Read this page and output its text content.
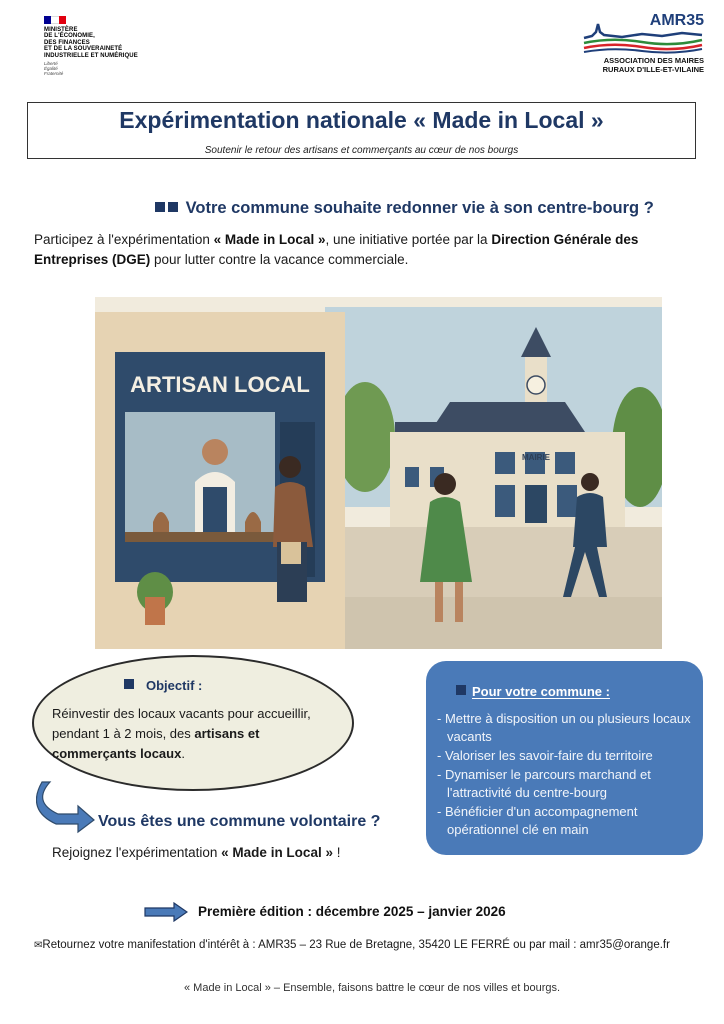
MINISTÈRE
DE L'ÉCONOMIE,
DES FINANCES
ET DE LA SOUVERAINETÉ
INDUSTRIELLE ET NUMÉRIQUE
Liberté
Égalité
Fraternité
AMR35
ASSOCIATION DES MAIRES
RURAUX D'ILLE-ET-VILAINE
Expérimentation nationale « Made in Local »
Soutenir le retour des artisans et commerçants au cœur de nos bourgs
Votre commune souhaite redonner vie à son centre-bourg ?
Participez à l'expérimentation « Made in Local », une initiative portée par la Direction Générale des Entreprises (DGE) pour lutter contre la vacance commerciale.
MAIRIE
ARTISAN LOCAL
Objectif :
Réinvestir des locaux vacants pour accueillir, pendant 1 à 2 mois, des artisans et commerçants locaux.
Pour votre commune :
- Mettre à disposition un ou plusieurs locaux vacants
- Valoriser les savoir-faire du territoire
- Dynamiser le parcours marchand et l'attractivité du centre-bourg
- Bénéficier d'un accompagnement opérationnel clé en main
Vous êtes une commune volontaire ?
Rejoignez l'expérimentation « Made in Local » !
Première édition : décembre 2025 – janvier 2026
✉Retournez votre manifestation d'intérêt à : AMR35 – 23 Rue de Bretagne, 35420 LE FERRÉ ou par mail : amr35@orange.fr
« Made in Local » – Ensemble, faisons battre le cœur de nos villes et bourgs.
